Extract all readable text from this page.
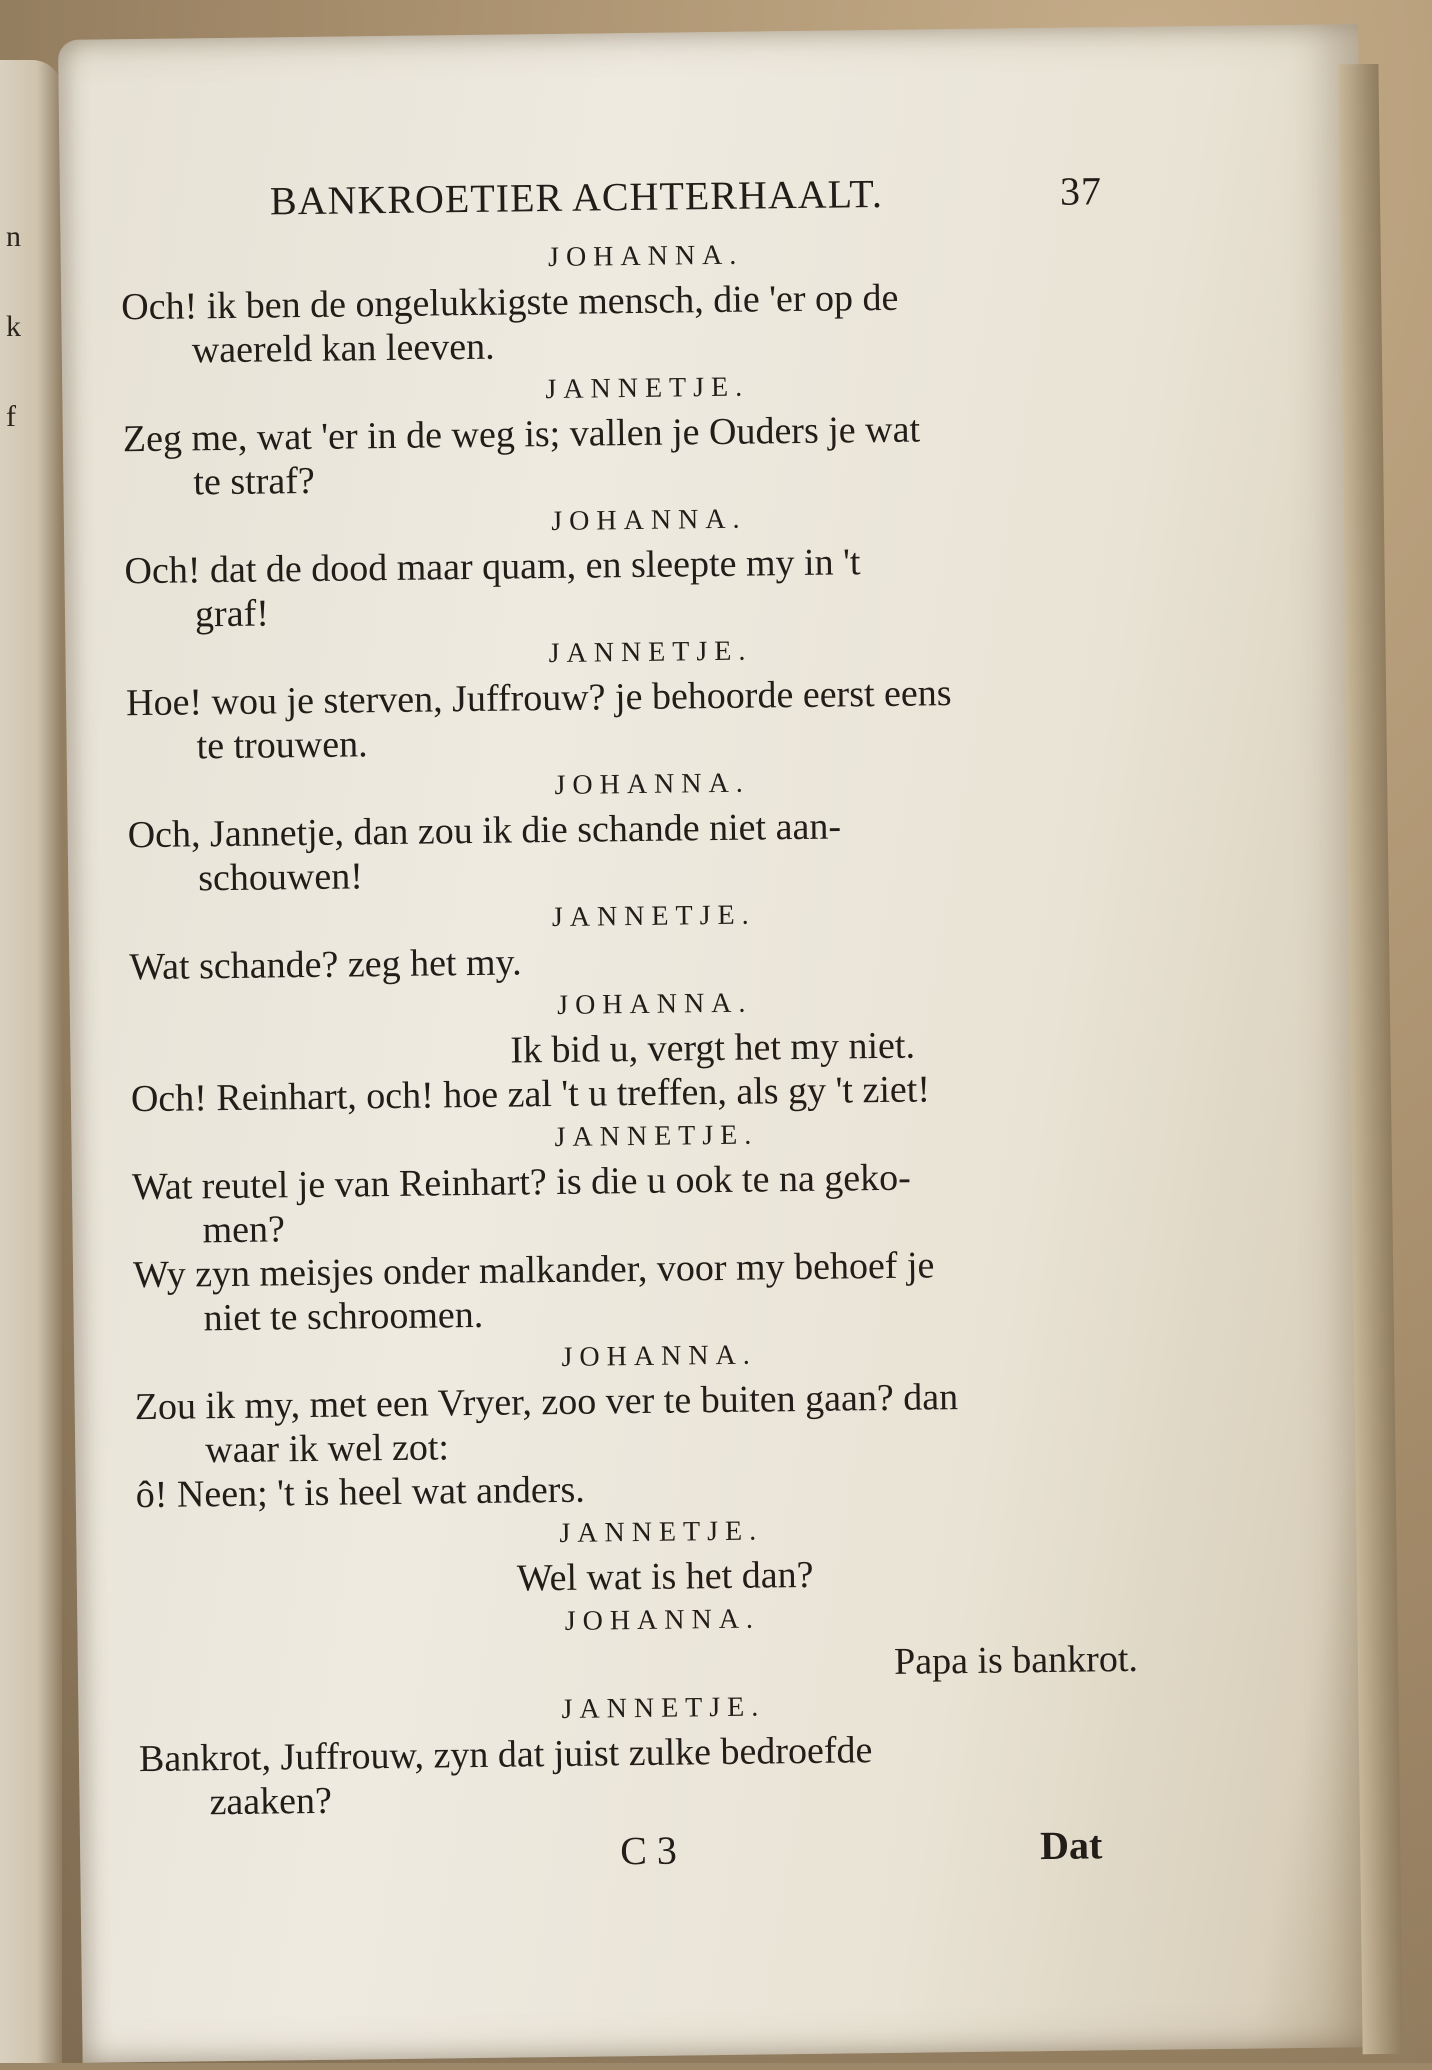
n
k
f
BANKROETIER ACHTERHAALT.	37
JOHANNA.
Och! ik ben de ongelukkigste mensch, die 'er op de
waereld kan leeven.
JANNETJE.
Zeg me, wat 'er in de weg is; vallen je Ouders je wat
te straf?
JOHANNA.
Och! dat de dood maar quam, en sleepte my in 't
graf!
JANNETJE.
Hoe! wou je sterven, Juffrouw? je behoorde eerst eens
te trouwen.
JOHANNA.
Och, Jannetje, dan zou ik die schande niet aan-
schouwen!
JANNETJE.
Wat schande? zeg het my.
JOHANNA.
Ik bid u, vergt het my niet.
Och! Reinhart, och! hoe zal 't u treffen, als gy 't ziet!
JANNETJE.
Wat reutel je van Reinhart? is die u ook te na geko-
men?
Wy zyn meisjes onder malkander, voor my behoef je
niet te schroomen.
JOHANNA.
Zou ik my, met een Vryer, zoo ver te buiten gaan? dan
waar ik wel zot:
ô! Neen; 't is heel wat anders.
JANNETJE.
Wel wat is het dan?
JOHANNA.
Papa is bankrot.
JANNETJE.
Bankrot, Juffrouw, zyn dat juist zulke bedroefde
zaaken?
C 3	Dat
